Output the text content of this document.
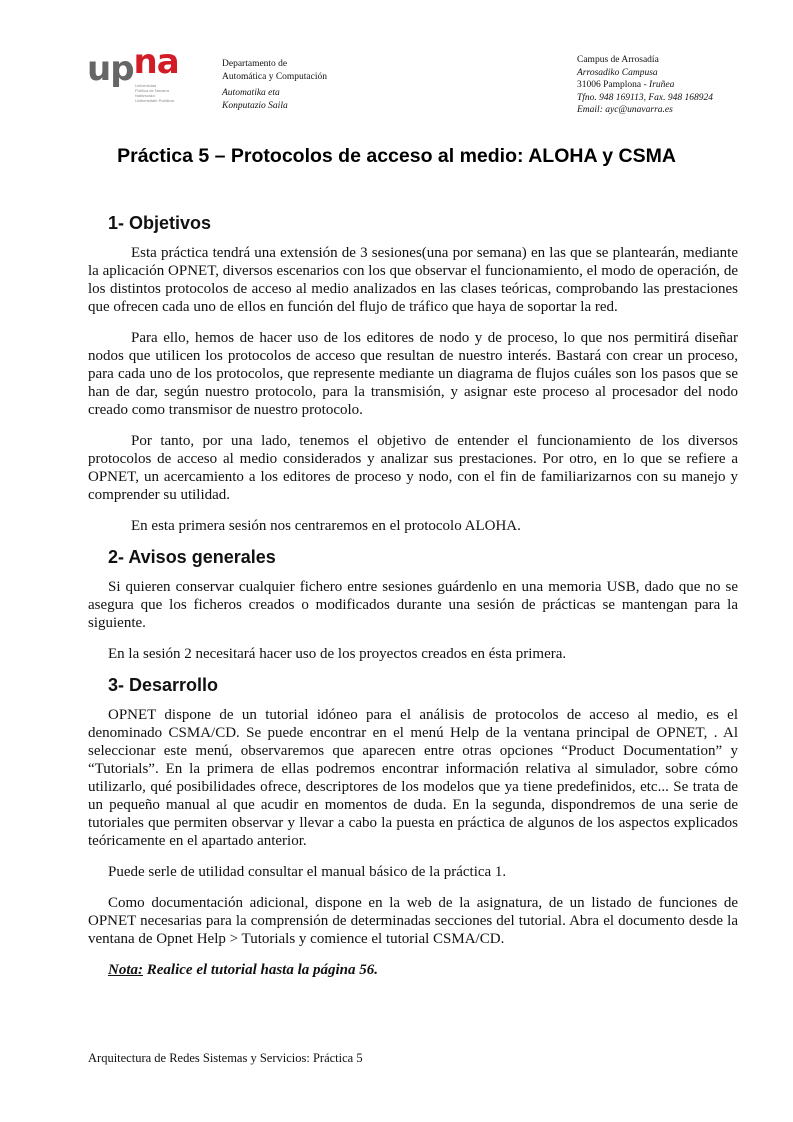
upna
Universidad
Pública de Navarra
Nafarroako
Unibertsitate Publikoa
Departamento de
Automática y Computación
Automatika eta
Konputazio Saila
Campus de Arrosadía
Arrosadiko Campusa
31006 Pamplona - Iruñea
Tfno. 948 169113, Fax. 948 168924
Email: ayc@unavarra.es
Práctica 5 – Protocolos de acceso al medio: ALOHA y CSMA
1- Objetivos

Esta práctica tendrá una extensión de 3 sesiones(una por semana) en las que se plantearán, mediante la aplicación OPNET, diversos escenarios con los que observar el funcionamiento, el modo de operación, de los distintos protocolos de acceso al medio analizados en las clases teóricas, comprobando las prestaciones que ofrecen cada uno de ellos en función del flujo de tráfico que haya de soportar la red.

Para ello, hemos de hacer uso de los editores de nodo y de proceso, lo que nos permitirá diseñar nodos que utilicen los protocolos de acceso que resultan de nuestro interés. Bastará con crear un proceso, para cada uno de los protocolos, que represente mediante un diagrama de flujos cuáles son los pasos que se han de dar, según nuestro protocolo, para la transmisión, y asignar este proceso al procesador del nodo creado como transmisor de nuestro protocolo.

Por tanto, por una lado, tenemos el objetivo de entender el funcionamiento de los diversos protocolos de acceso al medio considerados y analizar sus prestaciones. Por otro, en lo que se refiere a OPNET, un acercamiento a los editores de proceso y nodo, con el fin de familiarizarnos con su manejo y comprender su utilidad.

En esta primera sesión nos centraremos en el protocolo ALOHA.

2- Avisos generales

Si quieren conservar cualquier fichero entre sesiones guárdenlo en una memoria USB, dado que no se asegura que los ficheros creados o modificados durante una sesión de prácticas se mantengan para la siguiente.

En la sesión 2 necesitará hacer uso de los proyectos creados en ésta primera.

3- Desarrollo

OPNET dispone de un tutorial idóneo para el análisis de protocolos de acceso al medio, es el denominado CSMA/CD. Se puede encontrar en el menú Help de la ventana principal de OPNET, . Al seleccionar este menú, observaremos que aparecen entre otras opciones “Product Documentation” y “Tutorials”. En la primera de ellas podremos encontrar información relativa al simulador, sobre cómo utilizarlo, qué posibilidades ofrece, descriptores de los modelos que ya tiene predefinidos, etc... Se trata de un pequeño manual al que acudir en momentos de duda. En la segunda, dispondremos de una serie de tutoriales que permiten observar y llevar a cabo la puesta en práctica de algunos de los aspectos explicados teóricamente en el apartado anterior.

Puede serle de utilidad consultar el manual básico de la práctica 1.

Como documentación adicional, dispone en la web de la asignatura, de un listado de funciones de OPNET necesarias para la comprensión de determinadas secciones del tutorial. Abra el documento desde la ventana de Opnet Help > Tutorials y comience el tutorial CSMA/CD.

Nota: Realice el tutorial hasta la página 56.
Arquitectura de Redes Sistemas y Servicios: Práctica 5
